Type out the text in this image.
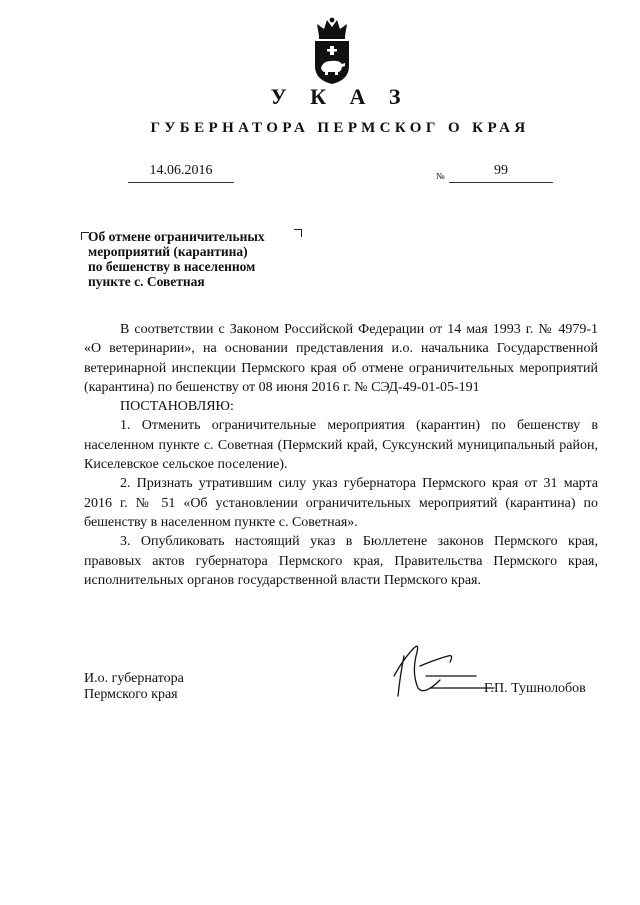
У К А З
ГУБЕРНАТОРА ПЕРМСКОГ О КРАЯ
14.06.2016	№	99
Об отмене ограничительных
мероприятий (карантина)
по бешенству в населенном
пункте с. Советная

В соответствии с Законом Российской Федерации от 14 мая 1993 г. № 4979-1 «О ветеринарии», на основании представления и.о. начальника Государственной ветеринарной инспекции Пермского края об отмене ограничительных мероприятий (карантина) по бешенству от 08 июня 2016 г. № СЭД-49-01-05-191

ПОСТАНОВЛЯЮ:

1. Отменить ограничительные мероприятия (карантин) по бешенству в населенном пункте с. Советная (Пермский край, Суксунский муниципальный район, Киселевское сельское поселение).

2. Признать утратившим силу указ губернатора Пермского края от 31 марта 2016 г. № 51 «Об установлении ограничительных мероприятий (карантина) по бешенству в населенном пункте с. Советная».

3. Опубликовать настоящий указ в Бюллетене законов Пермского края, правовых актов губернатора Пермского края, Правительства Пермского края, исполнительных органов государственной власти Пермского края.

И.о. губернатора
Пермского края	Г.П. Тушнолобов
